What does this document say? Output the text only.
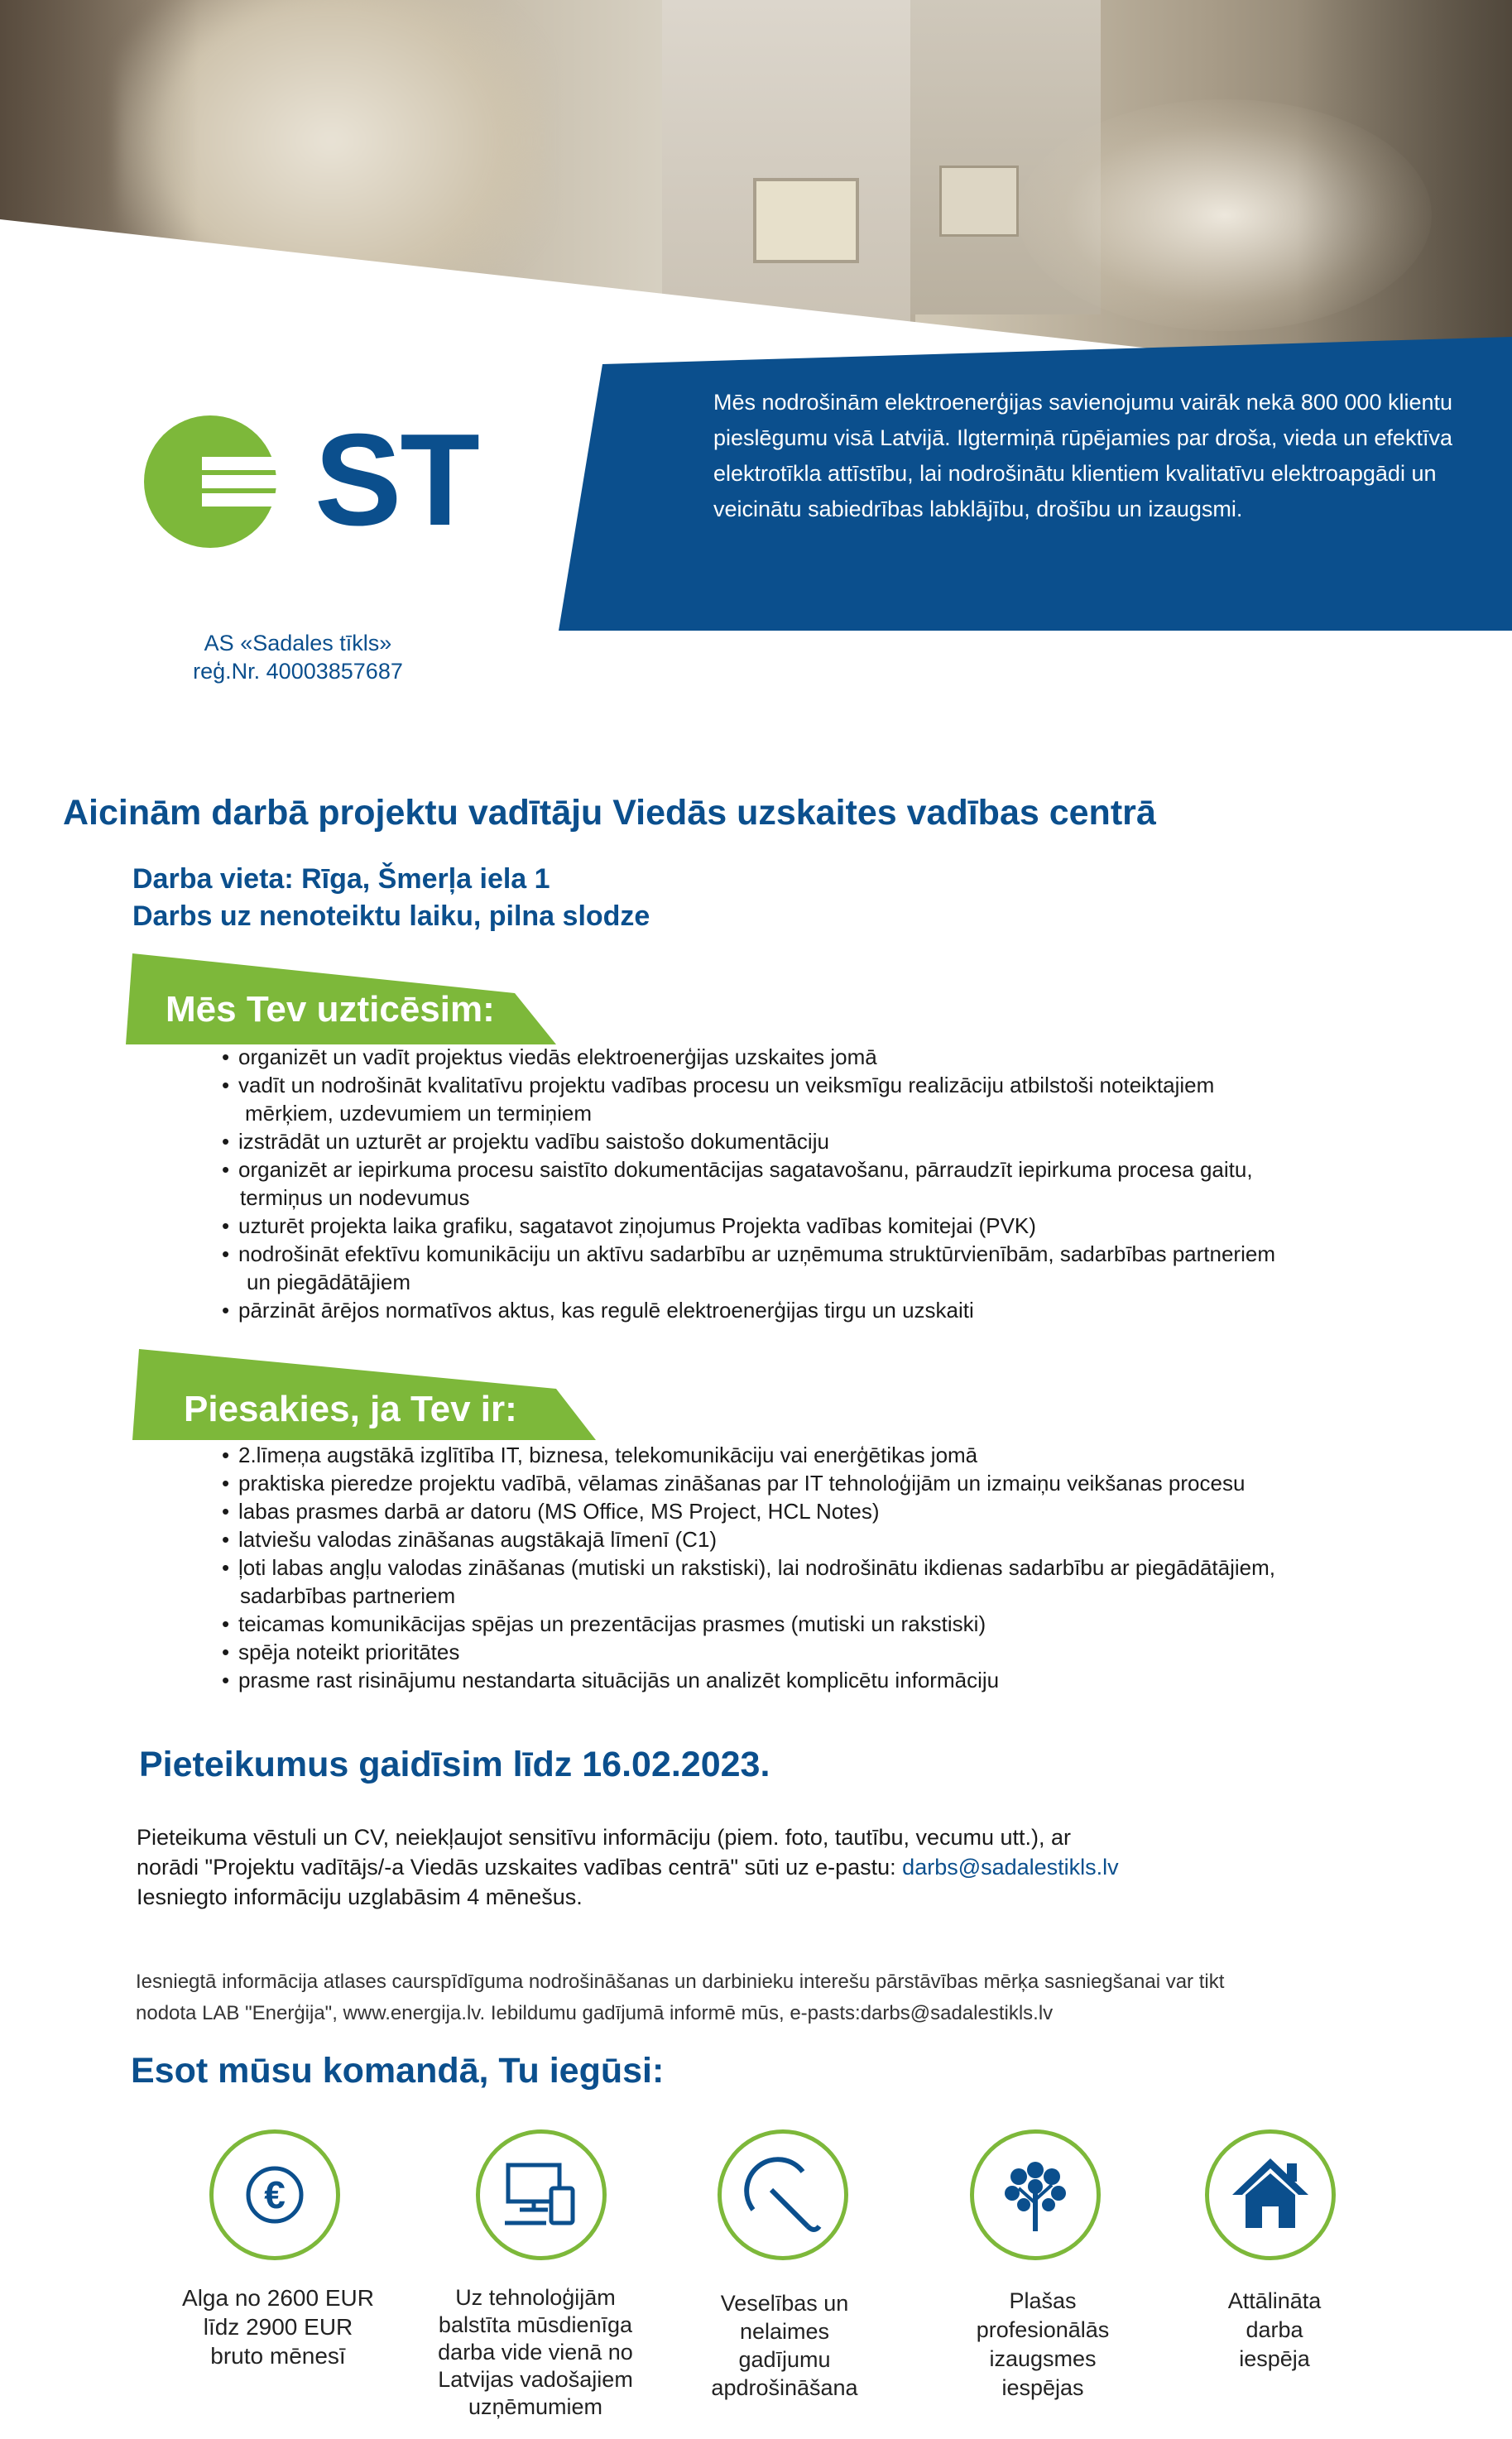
Mēs nodrošinām elektroenerģijas savienojumu vairāk nekā 800 000 klientu pieslēgumu visā Latvijā. Ilgtermiņā rūpējamies par droša, vieda un efektīva elektrotīkla attīstību, lai nodrošinātu klientiem kvalitatīvu elektroapgādi un veicinātu sabiedrības labklājību, drošību un izaugsmi.
ST
AS «Sadales tīkls»
reģ.Nr. 40003857687
Aicinām darbā projektu vadītāju Viedās uzskaites vadības centrā
Darba vieta: Rīga, Šmerļa iela 1
Darbs uz nenoteiktu laiku, pilna slodze
Mēs Tev uzticēsim:
• organizēt un vadīt projektus viedās elektroenerģijas uzskaites jomā
• vadīt un nodrošināt kvalitatīvu projektu vadības procesu un veiksmīgu realizāciju atbilstoši noteiktajiem
mērķiem, uzdevumiem un termiņiem
• izstrādāt un uzturēt ar projektu vadību saistošo dokumentāciju
• organizēt ar iepirkuma procesu saistīto dokumentācijas sagatavošanu, pārraudzīt iepirkuma procesa gaitu,
termiņus un nodevumus
• uzturēt projekta laika grafiku, sagatavot ziņojumus Projekta vadības komitejai (PVK)
• nodrošināt efektīvu komunikāciju un aktīvu sadarbību ar uzņēmuma struktūrvienībām, sadarbības partneriem
un piegādātājiem
• pārzināt ārējos normatīvos aktus, kas regulē elektroenerģijas tirgu un uzskaiti
Piesakies, ja Tev ir:
• 2.līmeņa augstākā izglītība IT, biznesa, telekomunikāciju vai enerģētikas jomā
• praktiska pieredze projektu vadībā, vēlamas zināšanas par IT tehnoloģijām un izmaiņu veikšanas procesu
• labas prasmes darbā ar datoru (MS Office, MS Project, HCL Notes)
• latviešu valodas zināšanas augstākajā līmenī (C1)
• ļoti labas angļu valodas zināšanas (mutiski un rakstiski), lai nodrošinātu ikdienas sadarbību ar piegādātājiem,
sadarbības partneriem
• teicamas komunikācijas spējas un prezentācijas prasmes (mutiski un rakstiski)
• spēja noteikt prioritātes
• prasme rast risinājumu nestandarta situācijās un analizēt komplicētu informāciju
Pieteikumus gaidīsim līdz 16.02.2023.
Pieteikuma vēstuli un CV, neiekļaujot sensitīvu informāciju (piem. foto, tautību, vecumu utt.), ar
norādi "Projektu vadītājs/-a Viedās uzskaites vadības centrā" sūti uz e-pastu: darbs@sadalestikls.lv
Iesniegto informāciju uzglabāsim 4 mēnešus.
Iesniegtā informācija atlases caurspīdīguma nodrošināšanas un darbinieku interešu pārstāvības mērķa sasniegšanai var tikt
nodota LAB "Enerģija", www.energija.lv. Iebildumu gadījumā informē mūs, e-pasts:darbs@sadalestikls.lv
Esot mūsu komandā, Tu iegūsi:
€
Alga no 2600 EUR
līdz 2900 EUR
bruto mēnesī
Uz tehnoloģijām
balstīta mūsdienīga
darba vide vienā no
Latvijas vadošajiem
uzņēmumiem
Veselības un
nelaimes
gadījumu
apdrošināšana
Plašas
profesionālās
izaugsmes
iespējas
Attālināta
darba
iespēja
